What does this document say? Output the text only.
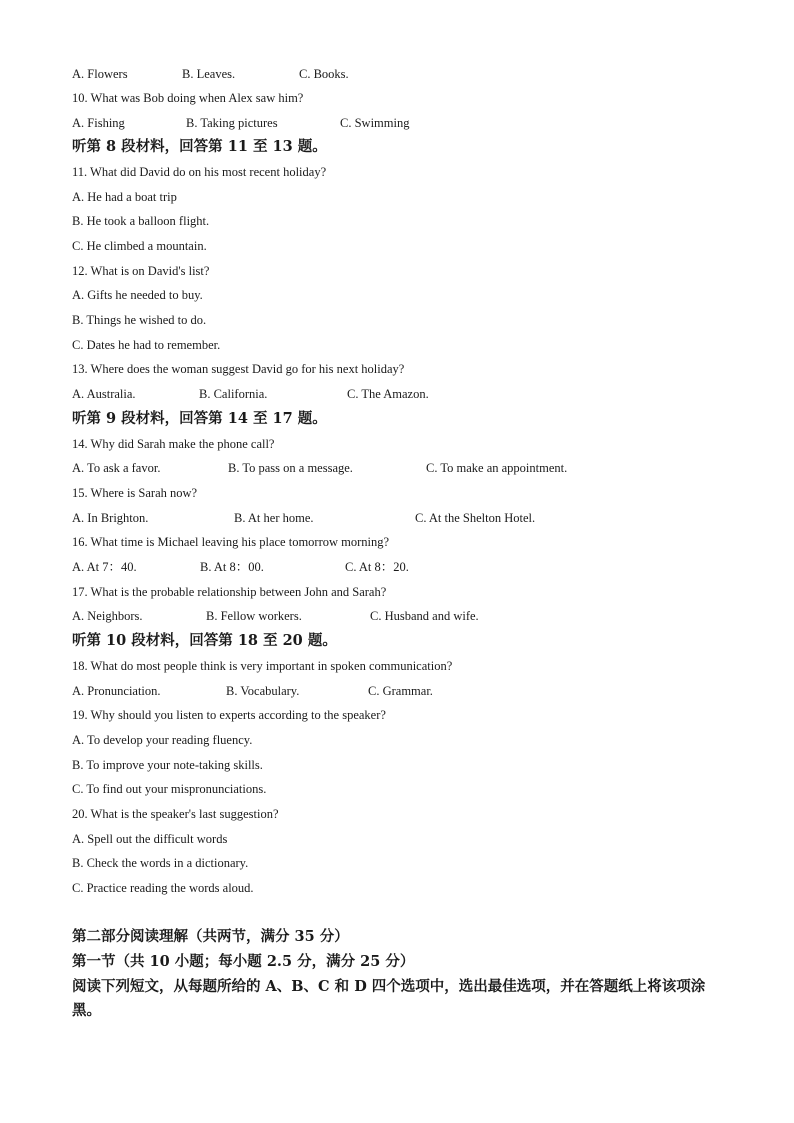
A. Flowers	B. Leaves.	C. Books.
10. What was Bob doing when Alex saw him?
A. Fishing	B. Taking pictures	C. Swimming
听第 8 段材料，回答第 11 至 13 题。
11. What did David do on his most recent holiday?
A. He had a boat trip
B. He took a balloon flight.
C. He climbed a mountain.
12. What is on David's list?
A. Gifts he needed to buy.
B. Things he wished to do.
C. Dates he had to remember.
13. Where does the woman suggest David go for his next holiday?
A. Australia.	B. California.	C. The Amazon.
听第 9 段材料，回答第 14 至 17 题。
14. Why did Sarah make the phone call?
A. To ask a favor.	B. To pass on a message.	C. To make an appointment.
15. Where is Sarah now?
A. In Brighton.	B. At her home.	C. At the Shelton Hotel.
16. What time is Michael leaving his place tomorrow morning?
A. At 7：40.	B. At 8：00.	C. At 8：20.
17. What is the probable relationship between John and Sarah?
A. Neighbors.	B. Fellow workers.	C. Husband and wife.
听第 10 段材料，回答第 18 至 20 题。
18. What do most people think is very important in spoken communication?
A. Pronunciation.	B. Vocabulary.	C. Grammar.
19. Why should you listen to experts according to the speaker?
A. To develop your reading fluency.
B. To improve your note-taking skills.
C. To find out your mispronunciations.
20. What is the speaker's last suggestion?
A. Spell out the difficult words
B. Check the words in a dictionary.
C. Practice reading the words aloud.
第二部分阅读理解（共两节，满分 35 分）
第一节（共 10 小题；每小题 2.5 分，满分 25 分）
阅读下列短文，从每题所给的 A、B、C 和 D 四个选项中，选出最佳选项，并在答题纸上将该项涂黑。
